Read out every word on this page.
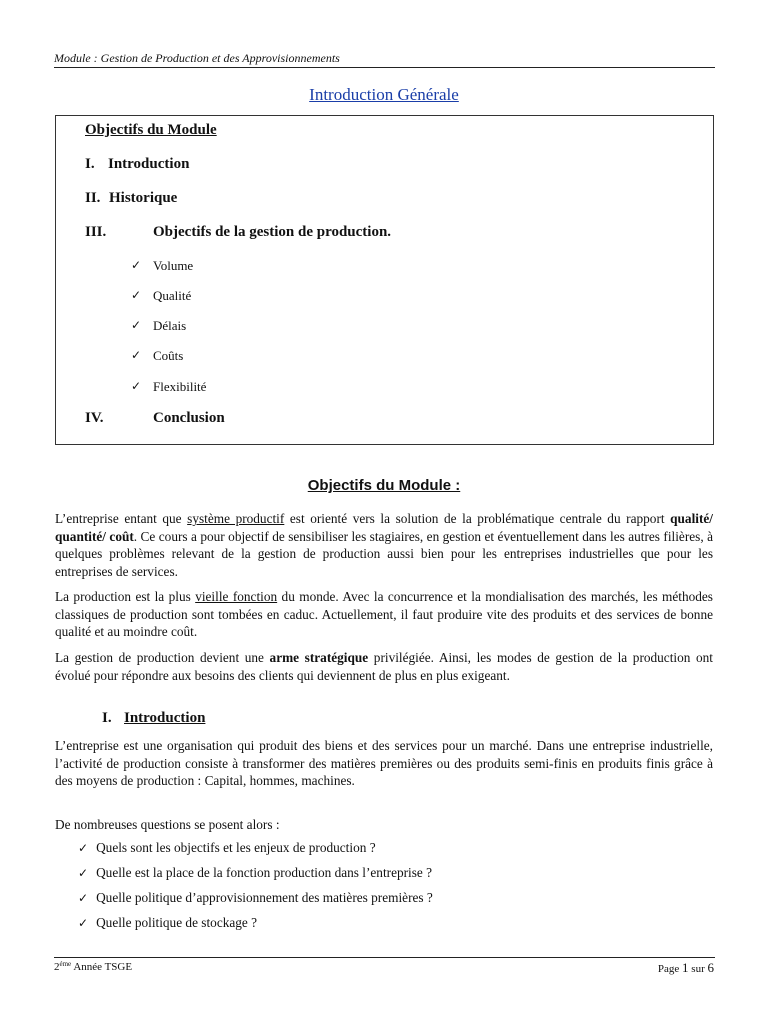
Module : Gestion de Production et des Approvisionnements
Introduction Générale
Objectifs du Module
I. Introduction
II. Historique
III.	Objectifs de la gestion de production.
✓ Volume
✓ Qualité
✓ Délais
✓ Coûts
✓ Flexibilité
IV.	Conclusion
Objectifs du Module :
L’entreprise entant que système productif est orienté vers la solution de la problématique centrale du rapport qualité/ quantité/ coût. Ce cours a pour objectif de sensibiliser les stagiaires, en gestion et éventuellement dans les autres filières, à quelques problèmes relevant de la gestion de production aussi bien pour les entreprises industrielles que pour les entreprises de services.
La production est la plus vieille fonction du monde. Avec la concurrence et la mondialisation des marchés, les méthodes classiques de production sont tombées en caduc. Actuellement, il faut produire vite des produits et des services de bonne qualité et au moindre coût.
La gestion de production devient une arme stratégique privilégiée. Ainsi, les modes de gestion de la production ont évolué pour répondre aux besoins des clients qui deviennent de plus en plus exigeant.
I. Introduction
L’entreprise est une organisation qui produit des biens et des services pour un marché. Dans une entreprise industrielle, l’activité de production consiste à transformer des matières premières ou des produits semi-finis en produits finis grâce à des moyens de production : Capital, hommes, machines.
De nombreuses questions se posent alors :
✓ Quels sont les objectifs et les enjeux de production ?
✓ Quelle est la place de la fonction production dans l’entreprise ?
✓ Quelle politique d’approvisionnement des matières premières ?
✓ Quelle politique de stockage ?
$2^{éme}$ Année TSGE	Page 1 sur 6
